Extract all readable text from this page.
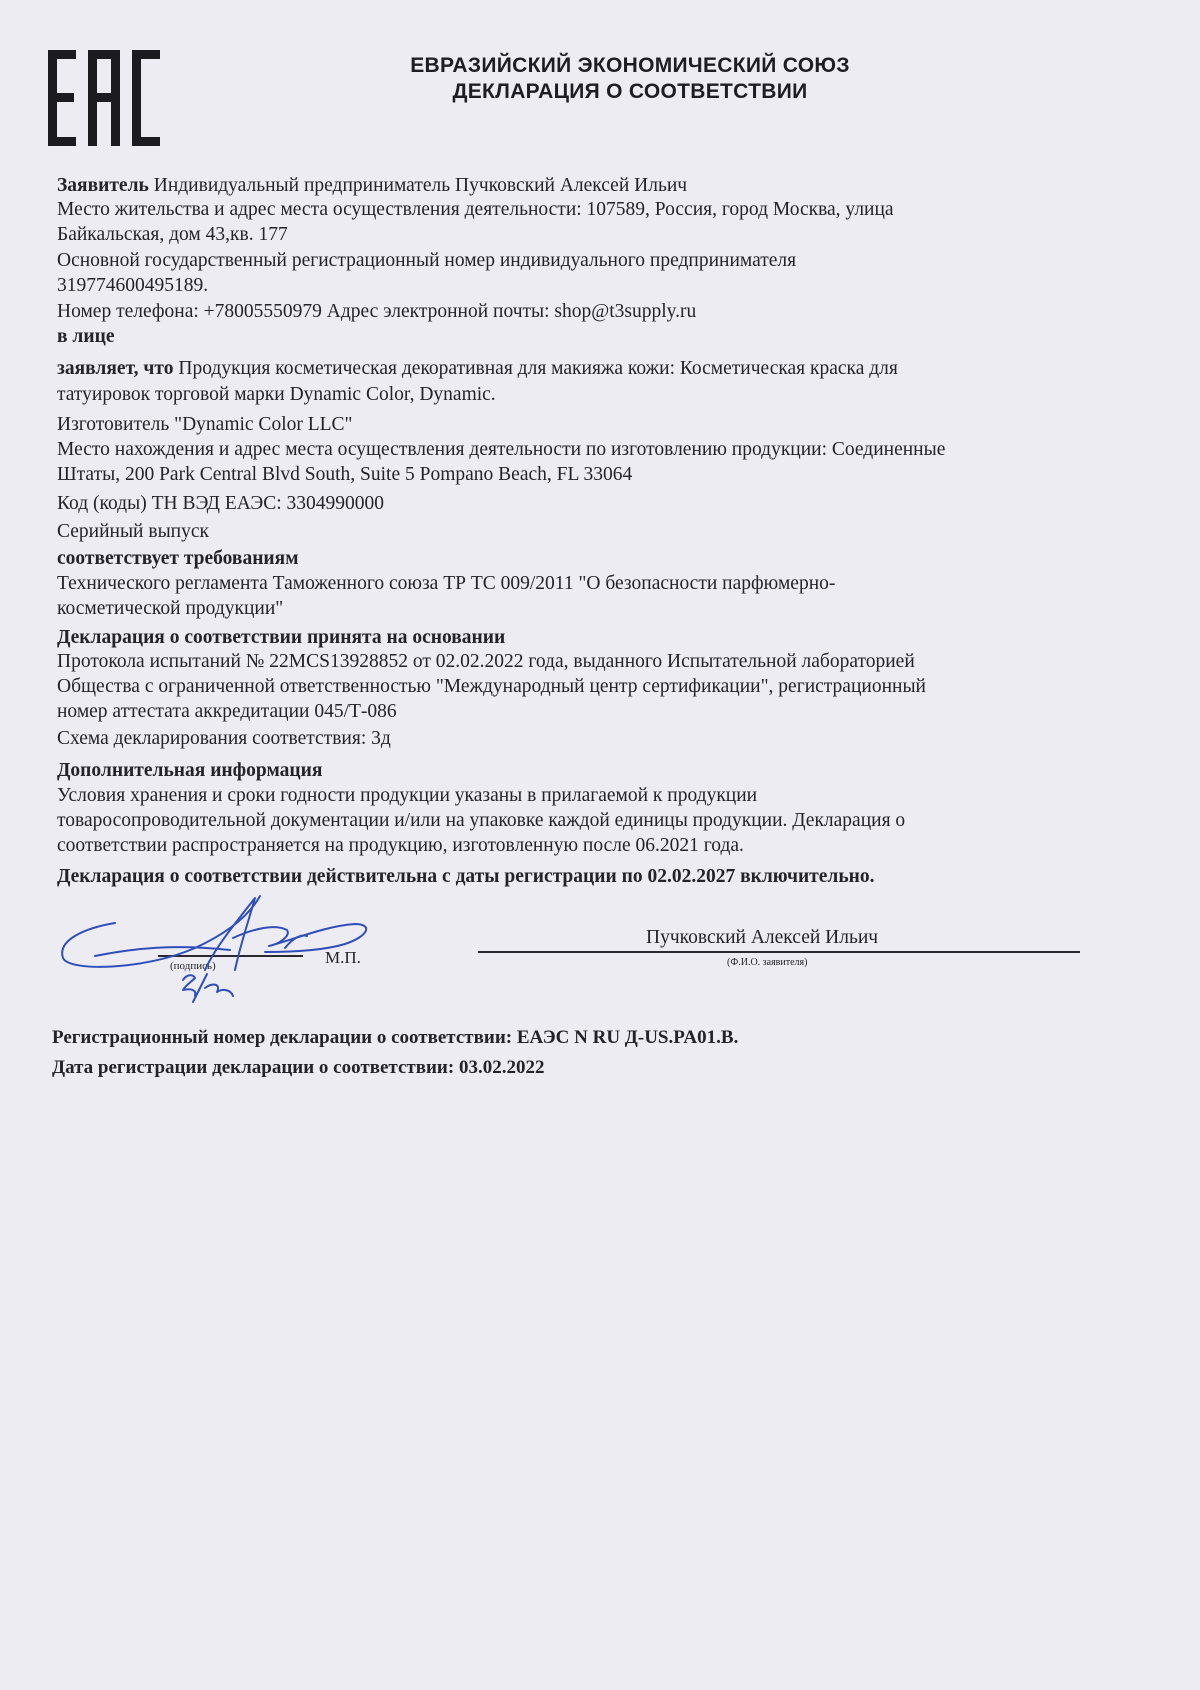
ЕВРАЗИЙСКИЙ ЭКОНОМИЧЕСКИЙ СОЮЗ
ДЕКЛАРАЦИЯ О СООТВЕТСТВИИ
Заявитель Индивидуальный предприниматель Пучковский Алексей Ильич
Место жительства и адрес места осуществления деятельности: 107589, Россия, город Москва, улица
Байкальская, дом 43,кв. 177
Основной государственный регистрационный номер индивидуального предпринимателя
319774600495189.
Номер телефона: +78005550979 Адрес электронной почты: shop@t3supply.ru
в лице
заявляет, что Продукция косметическая декоративная для макияжа кожи: Косметическая краска для
татуировок торговой марки Dynamic Color, Dynamic.
Изготовитель "Dynamic Color LLC"
Место нахождения и адрес места осуществления деятельности по изготовлению продукции: Соединенные
Штаты, 200 Park Central Blvd South, Suite 5 Pompano Beach, FL 33064
Код (коды) ТН ВЭД ЕАЭС: 3304990000
Серийный выпуск
соответствует требованиям
Технического регламента Таможенного союза ТР ТС 009/2011 "О безопасности парфюмерно-
косметической продукции"
Декларация о соответствии принята на основании
Протокола испытаний № 22MCS13928852 от 02.02.2022 года, выданного Испытательной лабораторией
Общества с ограниченной ответственностью "Международный центр сертификации", регистрационный
номер аттестата аккредитации 045/Т-086
Схема декларирования соответствия: 3д
Дополнительная информация
Условия хранения и сроки годности продукции указаны в прилагаемой к продукции
товаросопроводительной документации и/или на упаковке каждой единицы продукции. Декларация о
соответствии распространяется на продукцию, изготовленную после 06.2021 года.
Декларация о соответствии действительна с даты регистрации по 02.02.2027 включительно.
(подпись)	М.П.
Пучковский Алексей Ильич
(Ф.И.О. заявителя)
Регистрационный номер декларации о соответствии: ЕАЭС N RU Д-US.PA01.B.
Дата регистрации декларации о соответствии: 03.02.2022
